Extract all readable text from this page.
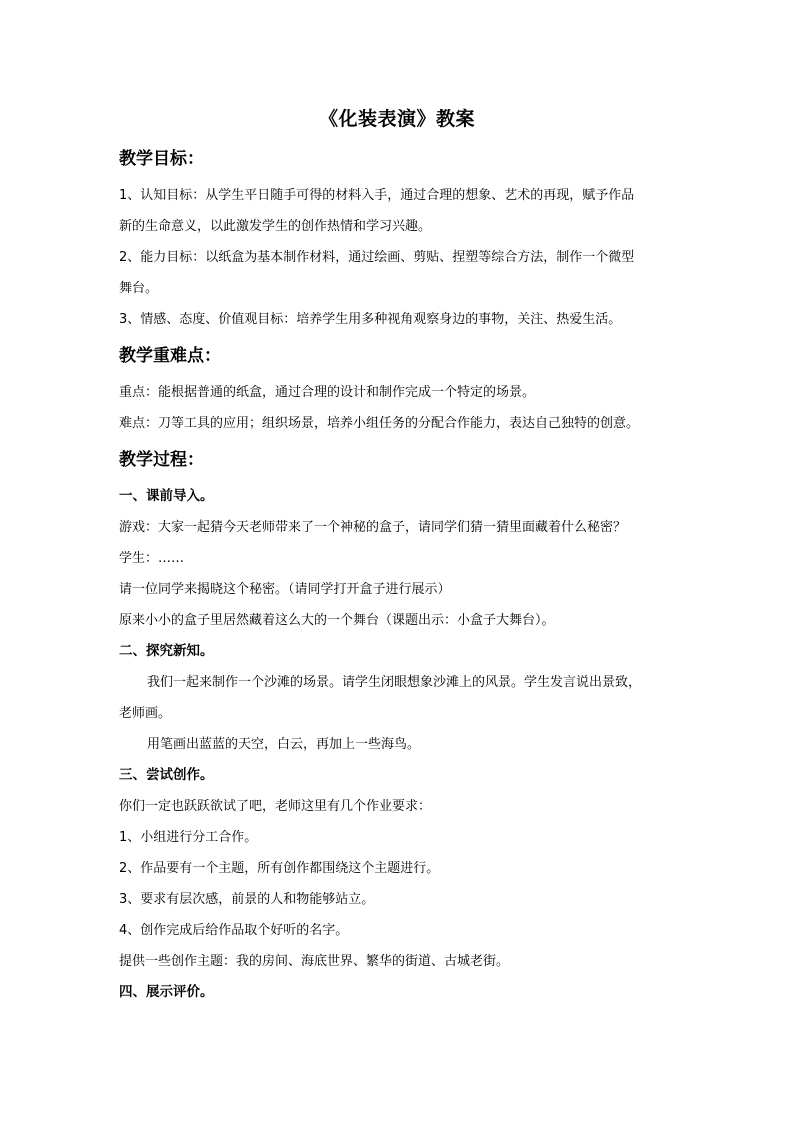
《化装表演》教案
教学目标：
1、认知目标：从学生平日随手可得的材料入手，通过合理的想象、艺术的再现，赋予作品
新的生命意义，以此激发学生的创作热情和学习兴趣。
2、能力目标：以纸盒为基本制作材料，通过绘画、剪贴、捏塑等综合方法，制作一个微型
舞台。
3、情感、态度、价值观目标：培养学生用多种视角观察身边的事物，关注、热爱生活。
教学重难点：
重点：能根据普通的纸盒，通过合理的设计和制作完成一个特定的场景。
难点：刀等工具的应用；组织场景，培养小组任务的分配合作能力，表达自己独特的创意。
教学过程：
一、课前导入。
游戏：大家一起猜今天老师带来了一个神秘的盒子，请同学们猜一猜里面藏着什么秘密？
学生：……
请一位同学来揭晓这个秘密。（请同学打开盒子进行展示）
原来小小的盒子里居然藏着这么大的一个舞台（课题出示：小盒子大舞台）。
二、探究新知。
我们一起来制作一个沙滩的场景。请学生闭眼想象沙滩上的风景。学生发言说出景致，
老师画。
用笔画出蓝蓝的天空，白云，再加上一些海鸟。
三、尝试创作。
你们一定也跃跃欲试了吧，老师这里有几个作业要求：
1、小组进行分工合作。
2、作品要有一个主题，所有创作都围绕这个主题进行。
3、要求有层次感，前景的人和物能够站立。
4、创作完成后给作品取个好听的名字。
提供一些创作主题：我的房间、海底世界、繁华的街道、古城老街。
四、展示评价。
